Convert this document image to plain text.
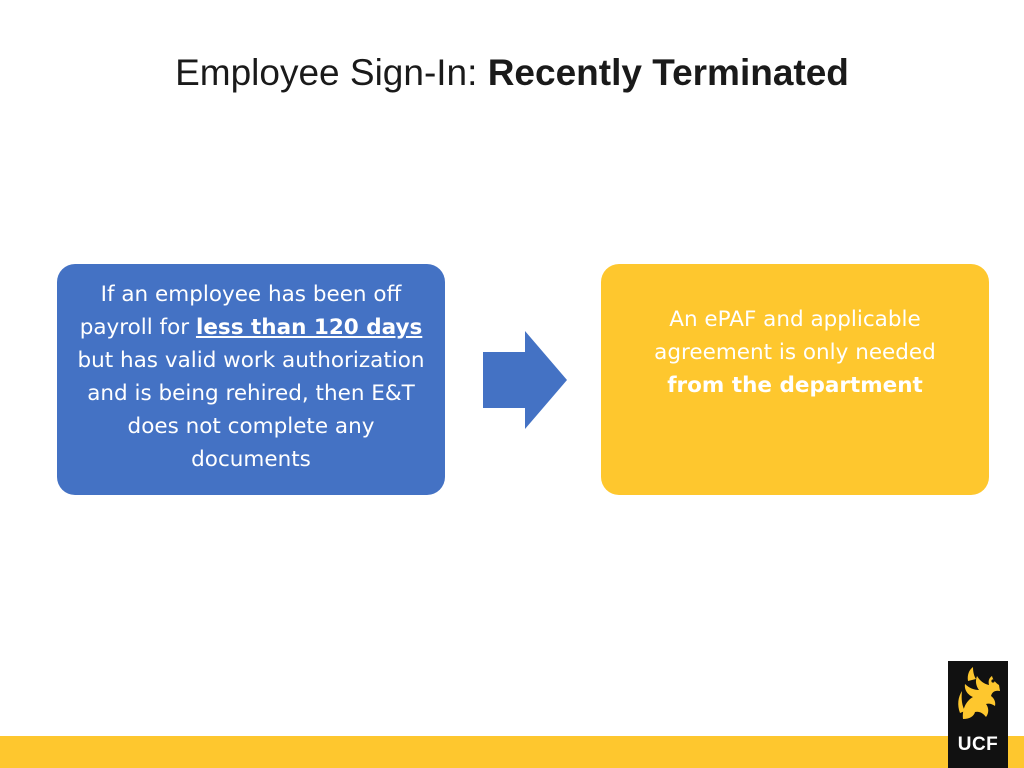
Employee Sign-In: Recently Terminated
If an employee has been off payroll for less than 120 days but has valid work authorization and is being rehired, then E&T does not complete any documents
An ePAF and applicable agreement is only needed from the department
UCF
